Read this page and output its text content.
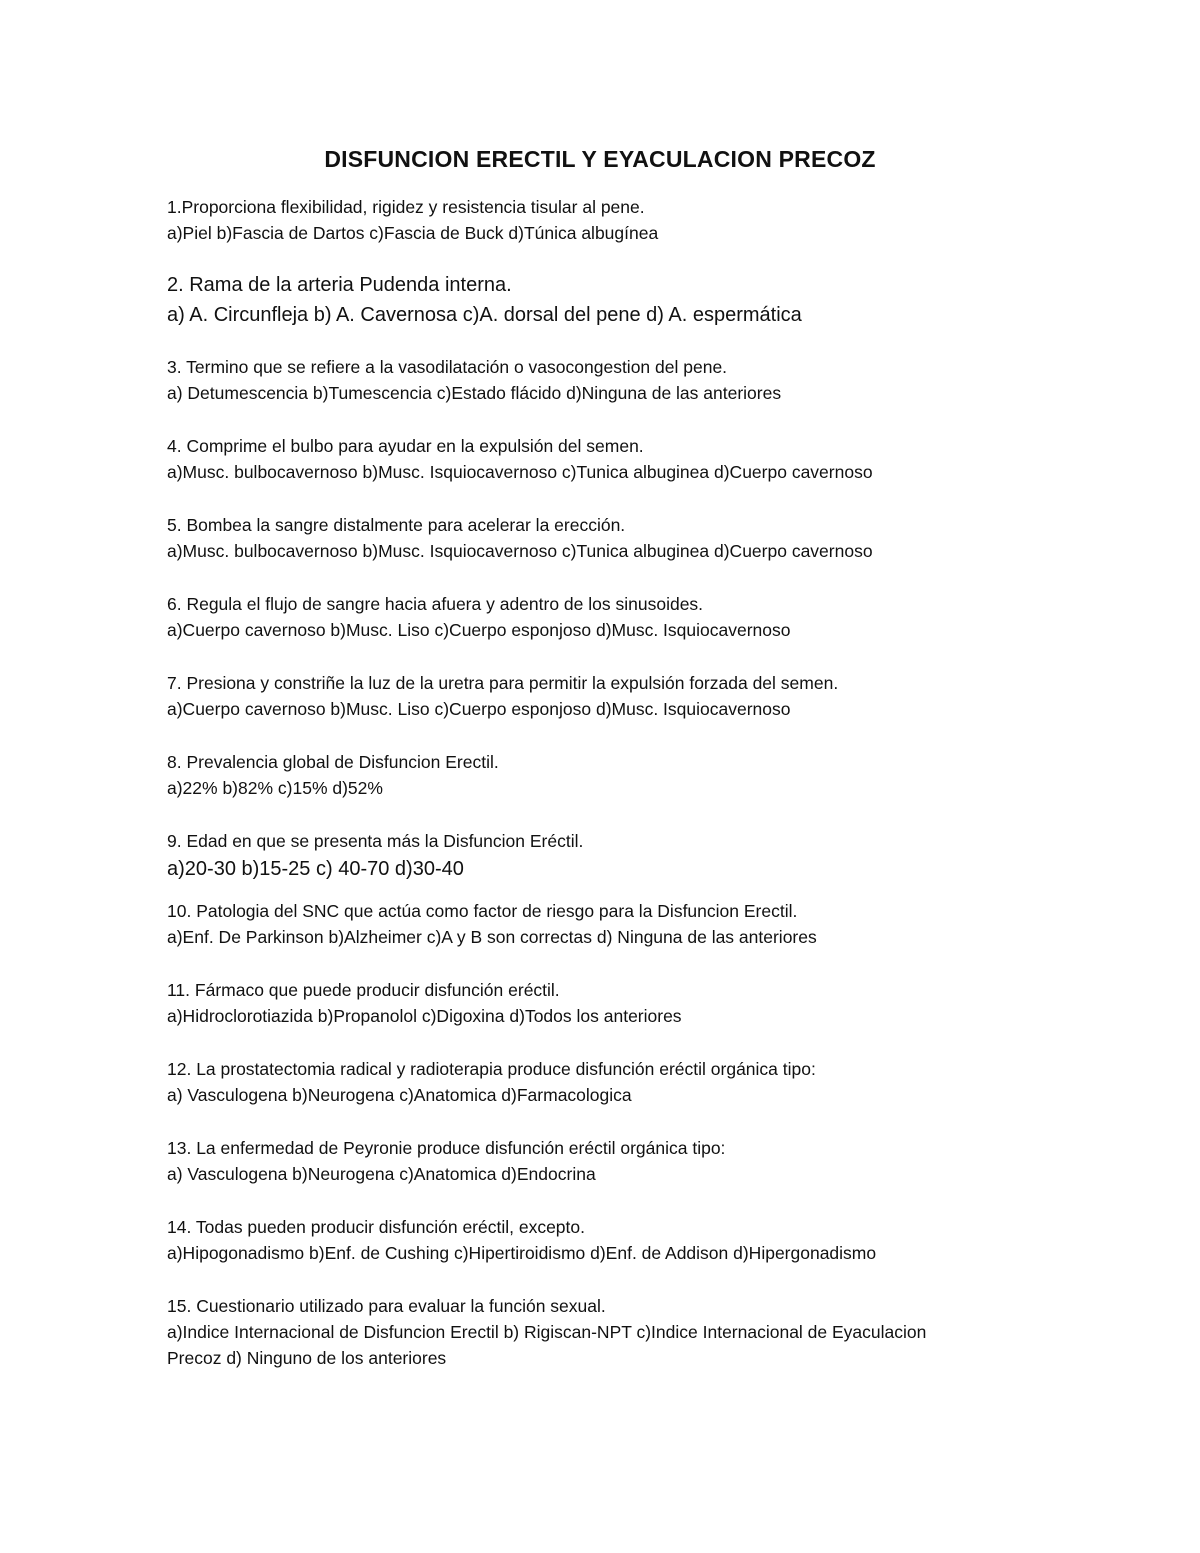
DISFUNCION ERECTIL Y EYACULACION PRECOZ
1.Proporciona flexibilidad, rigidez y resistencia tisular al pene.
a)Piel b)Fascia de Dartos c)Fascia de Buck d)Túnica albugínea
2. Rama de la arteria Pudenda interna.
a) A. Circunfleja b) A. Cavernosa c)A. dorsal del pene d) A. espermática
3. Termino que se refiere a la vasodilatación o vasocongestion del pene.
a) Detumescencia b)Tumescencia c)Estado flácido d)Ninguna de las anteriores
4. Comprime el bulbo para ayudar en la expulsión del semen.
a)Musc. bulbocavernoso b)Musc. Isquiocavernoso c)Tunica albuginea d)Cuerpo cavernoso
5. Bombea la sangre distalmente para acelerar la erección.
a)Musc. bulbocavernoso b)Musc. Isquiocavernoso c)Tunica albuginea d)Cuerpo cavernoso
6. Regula el flujo de sangre hacia afuera y adentro de los sinusoides.
a)Cuerpo cavernoso b)Musc. Liso c)Cuerpo esponjoso d)Musc. Isquiocavernoso
7. Presiona y constriñe la luz de la uretra para permitir la expulsión forzada del semen.
a)Cuerpo cavernoso b)Musc. Liso c)Cuerpo esponjoso d)Musc. Isquiocavernoso
8. Prevalencia global de Disfuncion Erectil.
a)22% b)82% c)15% d)52%
9. Edad en que se presenta más la Disfuncion Eréctil.
a)20-30 b)15-25 c) 40-70 d)30-40
10. Patologia del SNC que actúa como factor de riesgo para la Disfuncion Erectil.
a)Enf. De Parkinson b)Alzheimer c)A y B son correctas d) Ninguna de las anteriores
11. Fármaco que puede producir disfunción eréctil.
a)Hidroclorotiazida b)Propanolol c)Digoxina d)Todos los anteriores
12. La prostatectomia radical y radioterapia produce disfunción eréctil orgánica tipo:
a) Vasculogena b)Neurogena c)Anatomica d)Farmacologica
13. La enfermedad de Peyronie produce disfunción eréctil orgánica tipo:
a) Vasculogena b)Neurogena c)Anatomica d)Endocrina
14. Todas pueden producir disfunción eréctil, excepto.
a)Hipogonadismo b)Enf. de Cushing c)Hipertiroidismo d)Enf. de Addison d)Hipergonadismo
15. Cuestionario utilizado para evaluar la función sexual.
a)Indice Internacional de Disfuncion Erectil b) Rigiscan-NPT c)Indice Internacional de Eyaculacion
Precoz d) Ninguno de los anteriores
